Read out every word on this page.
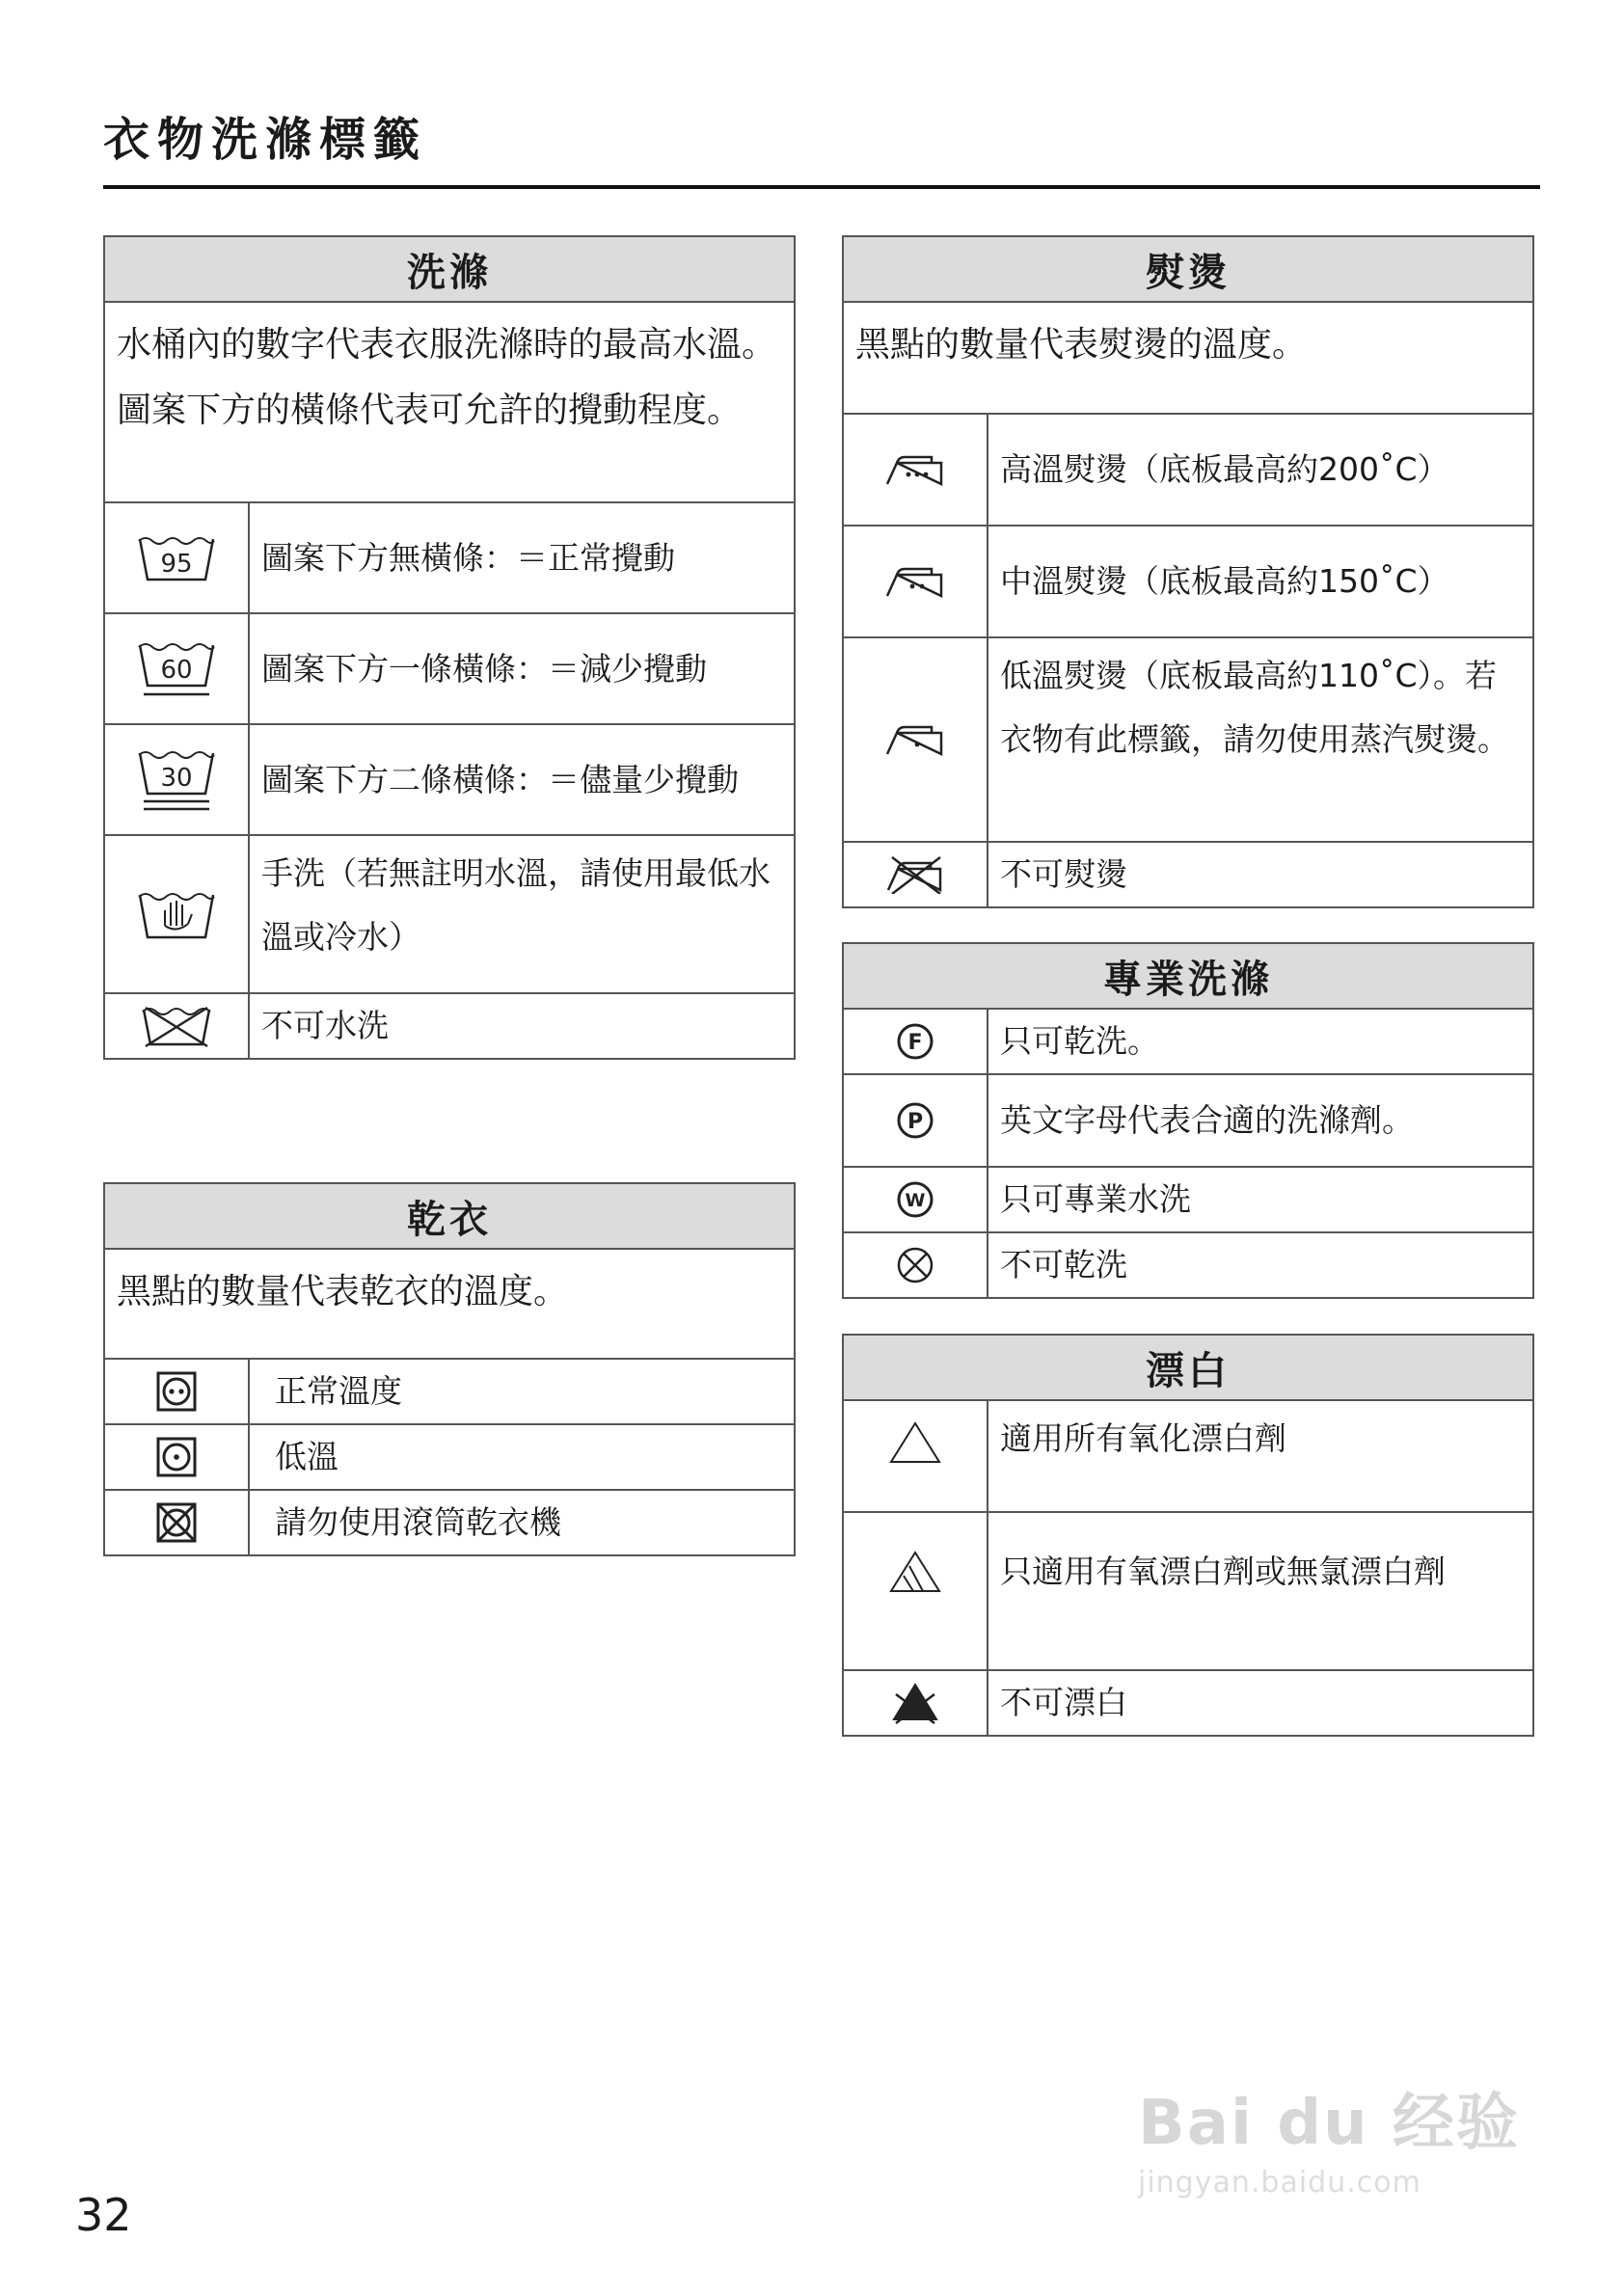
衣物洗滌標籤
洗滌	
水桶內的數字代表衣服洗滌時的最高水溫。圖案下方的橫條代表可允許的攪動程度。	

95	圖案下方無橫條：＝正常攪動

60	圖案下方一條橫條：＝減少攪動

30	圖案下方二條橫條：＝儘量少攪動

	手洗（若無註明水溫，請使用最低水溫或冷水）

	不可水洗
乾衣	
黑點的數量代表乾衣的溫度。	

	正常溫度

	低溫

	請勿使用滾筒乾衣機
熨燙	
黑點的數量代表熨燙的溫度。	

	高溫熨燙（底板最高約200˚C）

	中溫熨燙（底板最高約150˚C）

	低溫熨燙（底板最高約110˚C）。若衣物有此標籤，請勿使用蒸汽熨燙。

	不可熨燙
專業洗滌	

F	只可乾洗。

P	英文字母代表合適的洗滌劑。

W	只可專業水洗

	不可乾洗
漂白	

	適用所有氧化漂白劑

	只適用有氧漂白劑或無氯漂白劑

	不可漂白
32
Bai du 经验
jingyan.baidu.com
